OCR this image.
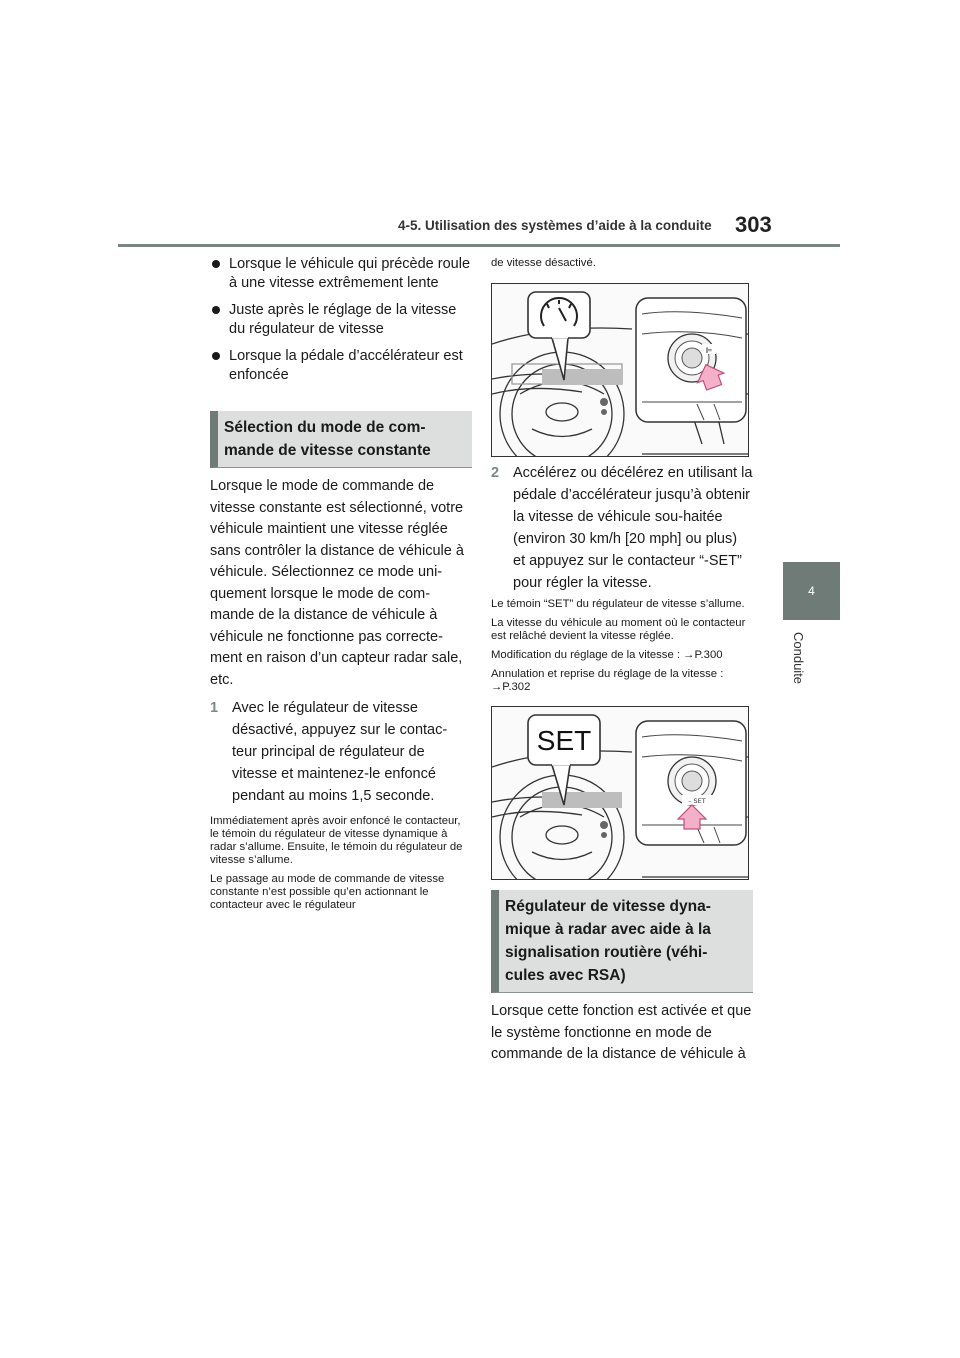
4-5. Utilisation des systèmes d’aide à la conduite 303
4
Conduite
Lorsque le véhicule qui précède roule à une vitesse extrêmement lente
Juste après le réglage de la vitesse du régulateur de vitesse
Lorsque la pédale d’accélérateur est enfoncée
Sélection du mode de com-mande de vitesse constante

Lorsque le mode de commande de vitesse constante est sélectionné, votre véhicule maintient une vitesse réglée sans contrôler la distance de véhicule à véhicule. Sélectionnez ce mode uni-quement lorsque le mode de com-mande de la distance de véhicule à véhicule ne fonctionne pas correcte-ment en raison d’un capteur radar sale, etc.

1 Avec le régulateur de vitesse désactivé, appuyez sur le contac-teur principal de régulateur de vitesse et maintenez-le enfoncé pendant au moins 1,5 seconde.

Immédiatement après avoir enfoncé le contacteur, le témoin du régulateur de vitesse dynamique à radar s’allume. Ensuite, le témoin du régulateur de vitesse s’allume.

Le passage au mode de commande de vitesse constante n’est possible qu’en actionnant le contacteur avec le régulateur

de vitesse désactivé.

⊫
2 Accélérez ou décélérez en utilisant la pédale d’accélérateur jusqu’à obtenir la vitesse de véhicule sou-haitée (environ 30 km/h [20 mph] ou plus) et appuyez sur le contacteur “-SET” pour régler la vitesse.

Le témoin “SET” du régulateur de vitesse s’allume.

La vitesse du véhicule au moment où le contacteur est relâché devient la vitesse réglée.

Modification du réglage de la vitesse : →P.300

Annulation et reprise du réglage de la vitesse : →P.302

– SET
SET
Régulateur de vitesse dyna-mique à radar avec aide à la signalisation routière (véhi-cules avec RSA)

Lorsque cette fonction est activée et que le système fonctionne en mode de commande de la distance de véhicule à
